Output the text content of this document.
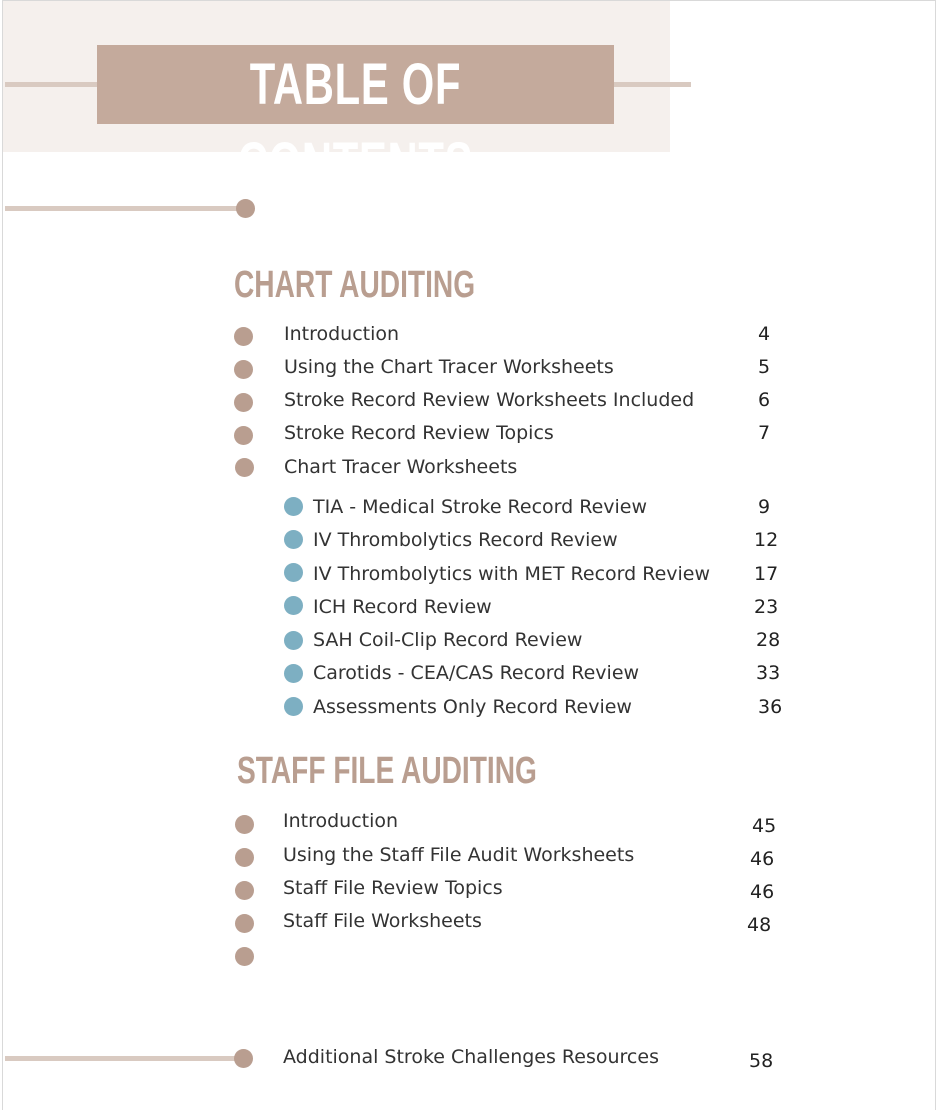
TABLE OF CONTENTS
CHART AUDITING
Introduction	4
Using the Chart Tracer Worksheets	5
Stroke Record Review Worksheets Included	6
Stroke Record Review Topics	7
Chart Tracer Worksheets
TIA - Medical Stroke Record Review	9
IV Thrombolytics Record Review	12
IV Thrombolytics with MET Record Review 17
ICH Record Review	23
SAH Coil-Clip Record Review	28
Carotids - CEA/CAS Record Review	33
Assessments Only Record Review	36
STAFF FILE AUDITING
Introduction	45
Using the Staff File Audit Worksheets	46
Staff File Review Topics	46
Staff File Worksheets	48
Additional Stroke Challenges Resources	58
